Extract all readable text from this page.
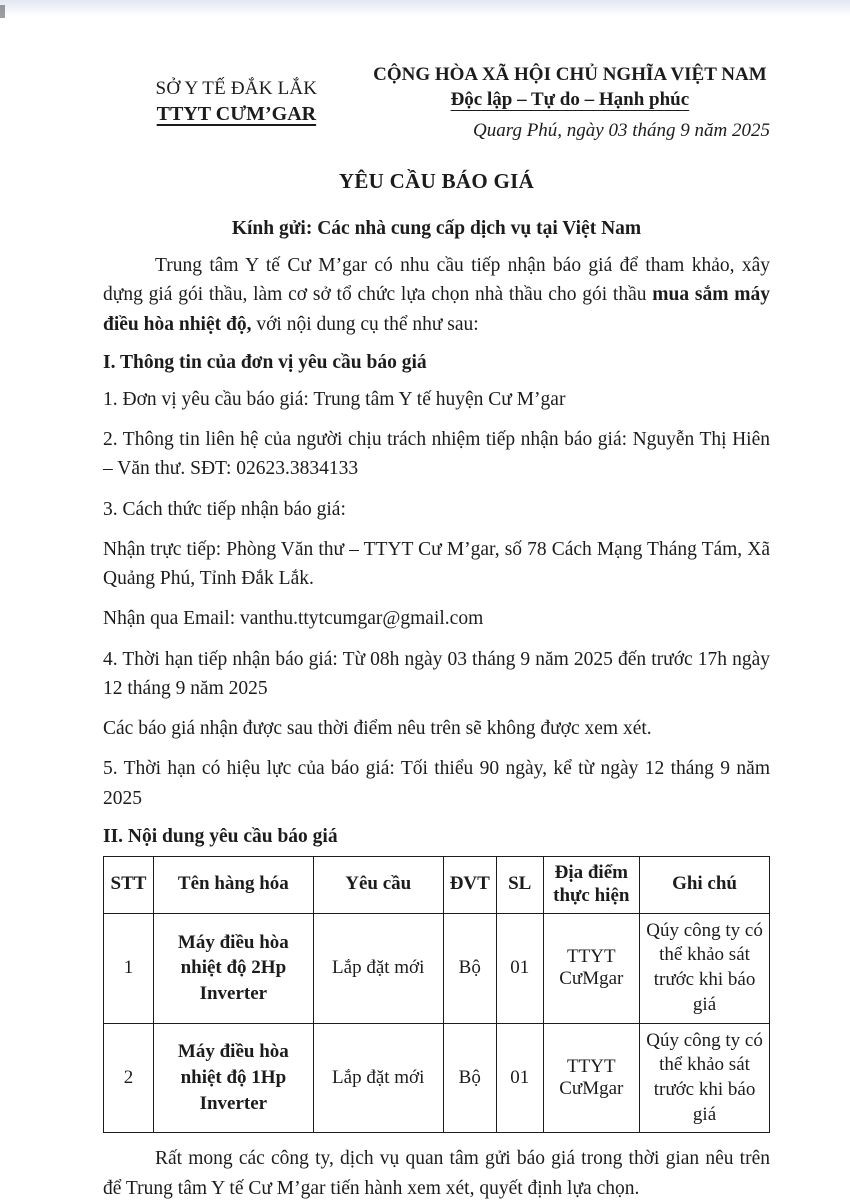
SỞ Y TẾ ĐẮK LẮK
TTYT CƯM’GAR
CỘNG HÒA XÃ HỘI CHỦ NGHĨA VIỆT NAM
Độc lập – Tự do – Hạnh phúc
Quarg Phú, ngày 03 tháng 9 năm 2025
YÊU CẦU BÁO GIÁ
Kính gửi: Các nhà cung cấp dịch vụ tại Việt Nam

Trung tâm Y tế Cư M’gar có nhu cầu tiếp nhận báo giá để tham khảo, xây dựng giá gói thầu, làm cơ sở tổ chức lựa chọn nhà thầu cho gói thầu mua sắm máy điều hòa nhiệt độ, với nội dung cụ thể như sau:

I. Thông tin của đơn vị yêu cầu báo giá

1. Đơn vị yêu cầu báo giá: Trung tâm Y tế huyện Cư M’gar

2. Thông tin liên hệ của người chịu trách nhiệm tiếp nhận báo giá: Nguyễn Thị Hiên – Văn thư. SĐT: 02623.3834133

3. Cách thức tiếp nhận báo giá:

Nhận trực tiếp: Phòng Văn thư – TTYT Cư M’gar, số 78 Cách Mạng Tháng Tám, Xã Quảng Phú, Tỉnh Đắk Lắk.

Nhận qua Email: vanthu.ttytcumgar@gmail.com

4. Thời hạn tiếp nhận báo giá: Từ 08h ngày 03 tháng 9 năm 2025 đến trước 17h ngày 12 tháng 9 năm 2025

Các báo giá nhận được sau thời điểm nêu trên sẽ không được xem xét.

5. Thời hạn có hiệu lực của báo giá: Tối thiểu 90 ngày, kể từ ngày 12 tháng 9 năm 2025

II. Nội dung yêu cầu báo giá
STT	Tên hàng hóa	Yêu cầu	ĐVT	SL	Địa điểm thực hiện	Ghi chú
1	Máy điều hòa nhiệt độ 2Hp Inverter	Lắp đặt mới	Bộ	01	TTYT CưMgar	Qúy công ty có thể khảo sát trước khi báo giá
2	Máy điều hòa nhiệt độ 1Hp Inverter	Lắp đặt mới	Bộ	01	TTYT CưMgar	Qúy công ty có thể khảo sát trước khi báo giá

Rất mong các công ty, dịch vụ quan tâm gửi báo giá trong thời gian nêu trên để Trung tâm Y tế Cư M’gar tiến hành xem xét, quyết định lựa chọn.
